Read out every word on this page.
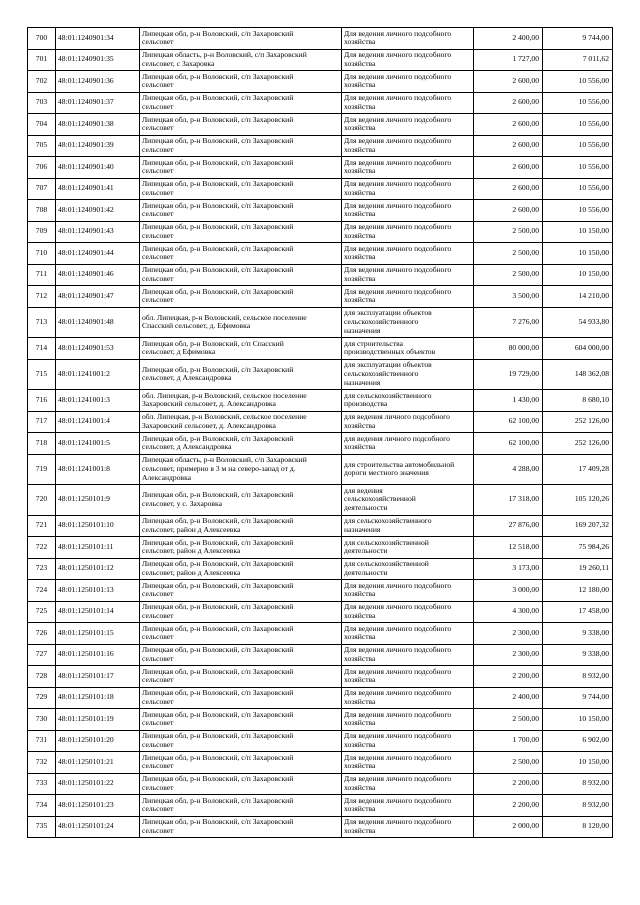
700	48:01:1240901:34	Липецкая обл, р-н Воловский, с/п Захаровский
сельсовет	Для ведения личного подсобного
хозяйства	2 400,00	9 744,00
701	48:01:1240901:35	Липецкая область, р-н Воловский, с/п Захаровский
сельсовет, с Захаровка	Для ведения личного подсобного
хозяйства	1 727,00	7 011,62
702	48:01:1240901:36	Липецкая обл, р-н Воловский, с/п Захаровский
сельсовет	Для ведения личного подсобного
хозяйства	2 600,00	10 556,00
703	48:01:1240901:37	Липецкая обл, р-н Воловский, с/п Захаровский
сельсовет	Для ведения личного подсобного
хозяйства	2 600,00	10 556,00
704	48:01:1240901:38	Липецкая обл, р-н Воловский, с/п Захаровский
сельсовет	Для ведения личного подсобного
хозяйства	2 600,00	10 556,00
705	48:01:1240901:39	Липецкая обл, р-н Воловский, с/п Захаровский
сельсовет	Для ведения личного подсобного
хозяйства	2 600,00	10 556,00
706	48:01:1240901:40	Липецкая обл, р-н Воловский, с/п Захаровский
сельсовет	Для ведения личного подсобного
хозяйства	2 600,00	10 556,00
707	48:01:1240901:41	Липецкая обл, р-н Воловский, с/п Захаровский
сельсовет	Для ведения личного подсобного
хозяйства	2 600,00	10 556,00
708	48:01:1240901:42	Липецкая обл, р-н Воловский, с/п Захаровский
сельсовет	Для ведения личного подсобного
хозяйства	2 600,00	10 556,00
709	48:01:1240901:43	Липецкая обл, р-н Воловский, с/п Захаровский
сельсовет	Для ведения личного подсобного
хозяйства	2 500,00	10 150,00
710	48:01:1240901:44	Липецкая обл, р-н Воловский, с/п Захаровский
сельсовет	Для ведения личного подсобного
хозяйства	2 500,00	10 150,00
711	48:01:1240901:46	Липецкая обл, р-н Воловский, с/п Захаровский
сельсовет	Для ведения личного подсобного
хозяйства	2 500,00	10 150,00
712	48:01:1240901:47	Липецкая обл, р-н Воловский, с/п Захаровский
сельсовет	Для ведения личного подсобного
хозяйства	3 500,00	14 210,00
713	48:01:1240901:48	обл. Липецкая, р-н Воловский, сельское поселение
Спасский сельсовет, д. Ефимовка	для эксплуатации объектов
сельскохозяйственного
назначения	7 276,00	54 933,80
714	48:01:1240901:53	Липецкая обл, р-н Воловский, с/п Спасский
сельсовет, д Ефимовка	для строительства
производственных объектов	80 000,00	604 000,00
715	48:01:1241001:2	Липецкая обл, р-н Воловский, с/п Захаровский
сельсовет, д Александровка	для эксплуатации объектов
сельскохозяйственного
назначения	19 729,00	148 362,08
716	48:01:1241001:3	обл. Липецкая, р-н Воловский, сельское поселение
Захаровский сельсовет, д. Александровка	для сельскохозяйственного
производства	1 430,00	8 680,10
717	48:01:1241001:4	обл. Липецкая, р-н Воловский, сельское поселение
Захаровский сельсовет, д. Александровка	для ведения личного подсобного
хозяйства	62 100,00	252 126,00
718	48:01:1241001:5	Липецкая обл, р-н Воловский, с/п Захаровский
сельсовет, д Александровка	для ведения личного подсобного
хозяйства	62 100,00	252 126,00
719	48:01:1241001:8	Липецкая область, р-н Воловский, с/п Захаровский
сельсовет, примерно в 3 м на северо-запад от д.
Александровка	для строительства автомобильной
дороги местного значения	4 288,00	17 409,28
720	48:01:1250101:9	Липецкая обл, р-н Воловский, с/п Захаровский
сельсовет, у с. Захаровка	для ведения
сельскохозяйственной
деятельности	17 318,00	105 120,26
721	48:01:1250101:10	Липецкая обл, р-н Воловский, с/п Захаровский
сельсовет, район д Алексеевка	для сельскохозяйственного
назначения	27 876,00	169 207,32
722	48:01:1250101:11	Липецкая обл, р-н Воловский, с/п Захаровский
сельсовет, район д Алексеевка	для сельскохозяйственной
деятельности	12 518,00	75 984,26
723	48:01:1250101:12	Липецкая обл, р-н Воловский, с/п Захаровский
сельсовет, район д Алексеевка	для сельскохозяйственной
деятельности	3 173,00	19 260,11
724	48:01:1250101:13	Липецкая обл, р-н Воловский, с/п Захаровский
сельсовет	Для ведения личного подсобного
хозяйства	3 000,00	12 180,00
725	48:01:1250101:14	Липецкая обл, р-н Воловский, с/п Захаровский
сельсовет	Для ведения личного подсобного
хозяйства	4 300,00	17 458,00
726	48:01:1250101:15	Липецкая обл, р-н Воловский, с/п Захаровский
сельсовет	Для ведения личного подсобного
хозяйства	2 300,00	9 338,00
727	48:01:1250101:16	Липецкая обл, р-н Воловский, с/п Захаровский
сельсовет	Для ведения личного подсобного
хозяйства	2 300,00	9 338,00
728	48:01:1250101:17	Липецкая обл, р-н Воловский, с/п Захаровский
сельсовет	Для ведения личного подсобного
хозяйства	2 200,00	8 932,00
729	48:01:1250101:18	Липецкая обл, р-н Воловский, с/п Захаровский
сельсовет	Для ведения личного подсобного
хозяйства	2 400,00	9 744,00
730	48:01:1250101:19	Липецкая обл, р-н Воловский, с/п Захаровский
сельсовет	Для ведения личного подсобного
хозяйства	2 500,00	10 150,00
731	48:01:1250101:20	Липецкая обл, р-н Воловский, с/п Захаровский
сельсовет	Для ведения личного подсобного
хозяйства	1 700,00	6 902,00
732	48:01:1250101:21	Липецкая обл, р-н Воловский, с/п Захаровский
сельсовет	Для ведения личного подсобного
хозяйства	2 500,00	10 150,00
733	48:01:1250101:22	Липецкая обл, р-н Воловский, с/п Захаровский
сельсовет	Для ведения личного подсобного
хозяйства	2 200,00	8 932,00
734	48:01:1250101:23	Липецкая обл, р-н Воловский, с/п Захаровский
сельсовет	Для ведения личного подсобного
хозяйства	2 200,00	8 932,00
735	48:01:1250101:24	Липецкая обл, р-н Воловский, с/п Захаровский
сельсовет	Для ведения личного подсобного
хозяйства	2 000,00	8 120,00
